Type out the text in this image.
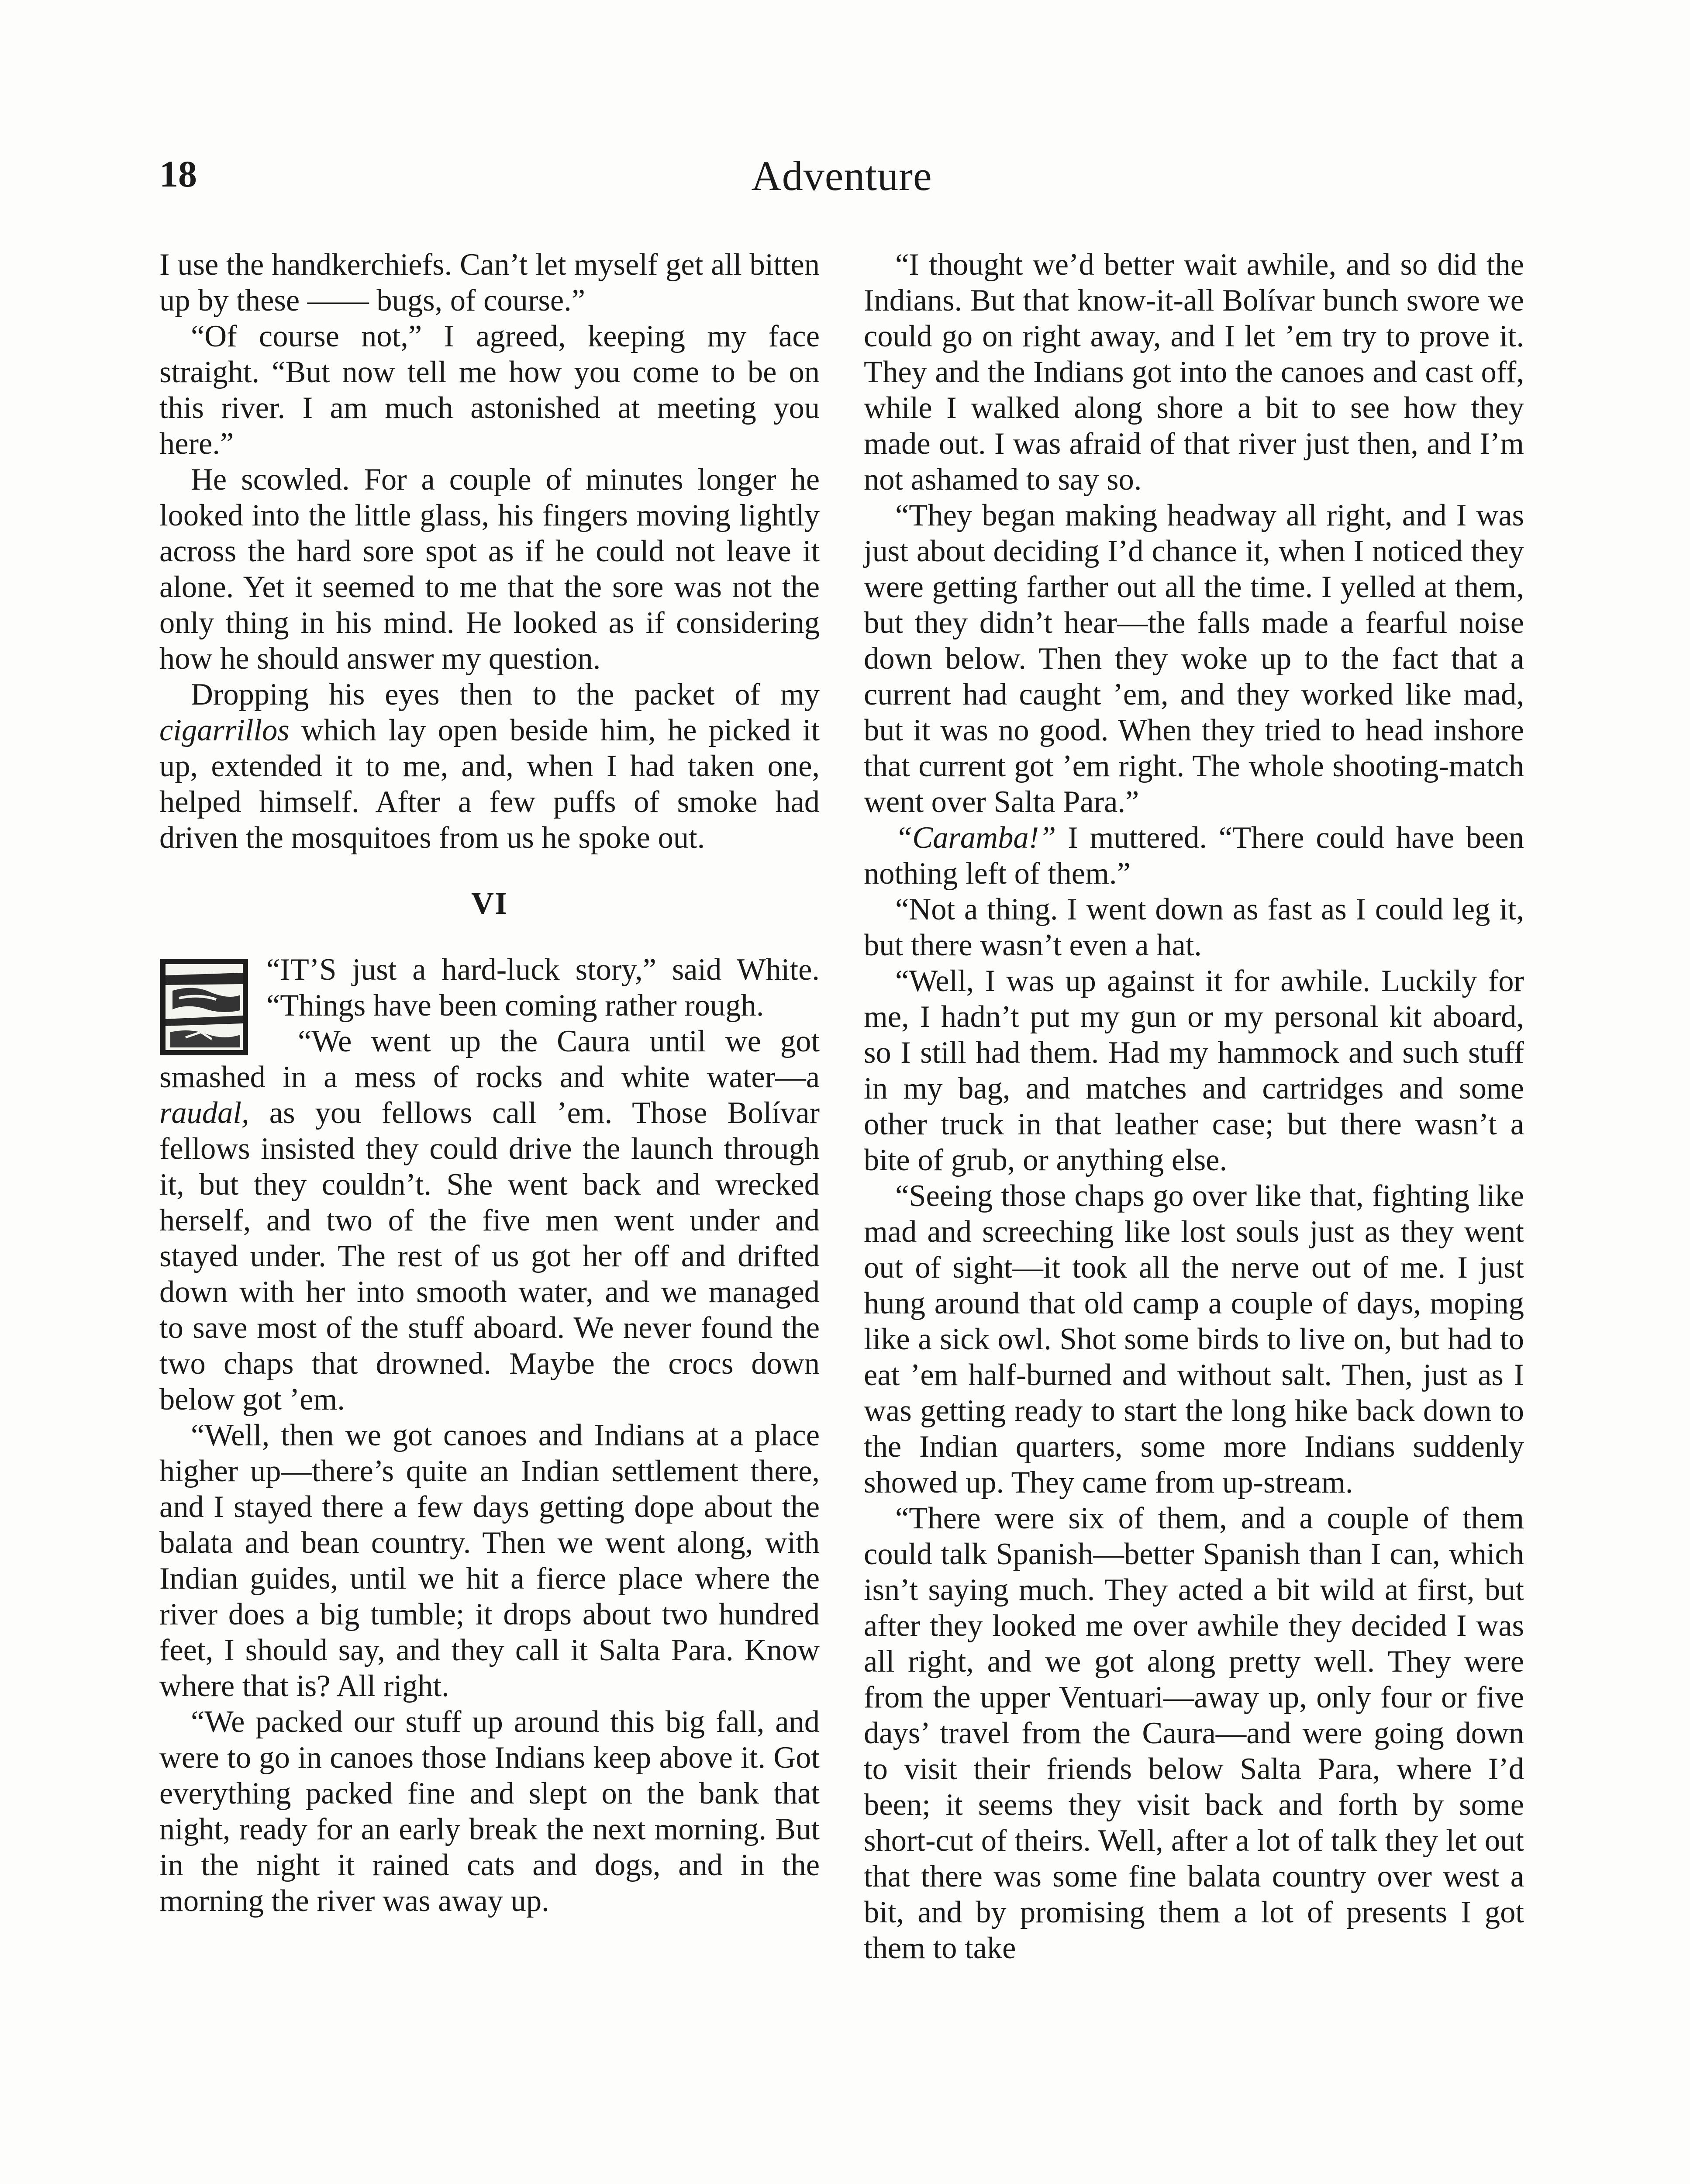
18	Adventure

I use the handkerchiefs. Can’t let myself get all bitten up by these —— bugs, of course.”

“Of course not,” I agreed, keeping my face straight. “But now tell me how you come to be on this river. I am much astonished at meeting you here.”

He scowled. For a couple of minutes longer he looked into the little glass, his fingers moving lightly across the hard sore spot as if he could not leave it alone. Yet it seemed to me that the sore was not the only thing in his mind. He looked as if considering how he should answer my question.

Dropping his eyes then to the packet of my cigarrillos which lay open beside him, he picked it up, extended it to me, and, when I had taken one, helped himself. After a few puffs of smoke had driven the mosquitoes from us he spoke out.

VI

“IT’S just a hard-luck story,” said White. “Things have been coming rather rough.

“We went up the Caura until we got smashed in a mess of rocks and white water—a raudal, as you fellows call ’em. Those Bolívar fellows insisted they could drive the launch through it, but they couldn’t. She went back and wrecked herself, and two of the five men went under and stayed under. The rest of us got her off and drifted down with her into smooth water, and we managed to save most of the stuff aboard. We never found the two chaps that drowned. Maybe the crocs down below got ’em.

“Well, then we got canoes and Indians at a place higher up—there’s quite an Indian settlement there, and I stayed there a few days getting dope about the balata and bean country. Then we went along, with Indian guides, until we hit a fierce place where the river does a big tumble; it drops about two hundred feet, I should say, and they call it Salta Para. Know where that is? All right.

“We packed our stuff up around this big fall, and were to go in canoes those Indians keep above it. Got everything packed fine and slept on the bank that night, ready for an early break the next morning. But in the night it rained cats and dogs, and in the morning the river was away up.

“I thought we’d better wait awhile, and so did the Indians. But that know-it-all Bolívar bunch swore we could go on right away, and I let ’em try to prove it. They and the Indians got into the canoes and cast off, while I walked along shore a bit to see how they made out. I was afraid of that river just then, and I’m not ashamed to say so.

“They began making headway all right, and I was just about deciding I’d chance it, when I noticed they were getting farther out all the time. I yelled at them, but they didn’t hear—the falls made a fearful noise down below. Then they woke up to the fact that a current had caught ’em, and they worked like mad, but it was no good. When they tried to head inshore that current got ’em right. The whole shooting-match went over Salta Para.”

“Caramba!” I muttered. “There could have been nothing left of them.”

“Not a thing. I went down as fast as I could leg it, but there wasn’t even a hat.

“Well, I was up against it for awhile. Luckily for me, I hadn’t put my gun or my personal kit aboard, so I still had them. Had my hammock and such stuff in my bag, and matches and cartridges and some other truck in that leather case; but there wasn’t a bite of grub, or anything else.

“Seeing those chaps go over like that, fighting like mad and screeching like lost souls just as they went out of sight—it took all the nerve out of me. I just hung around that old camp a couple of days, moping like a sick owl. Shot some birds to live on, but had to eat ’em half-burned and without salt. Then, just as I was getting ready to start the long hike back down to the Indian quarters, some more Indians suddenly showed up. They came from up-stream.

“There were six of them, and a couple of them could talk Spanish—better Spanish than I can, which isn’t saying much. They acted a bit wild at first, but after they looked me over awhile they decided I was all right, and we got along pretty well. They were from the upper Ventuari—away up, only four or five days’ travel from the Caura—and were going down to visit their friends below Salta Para, where I’d been; it seems they visit back and forth by some short-cut of theirs. Well, after a lot of talk they let out that there was some fine balata country over west a bit, and by promising them a lot of presents I got them to take
